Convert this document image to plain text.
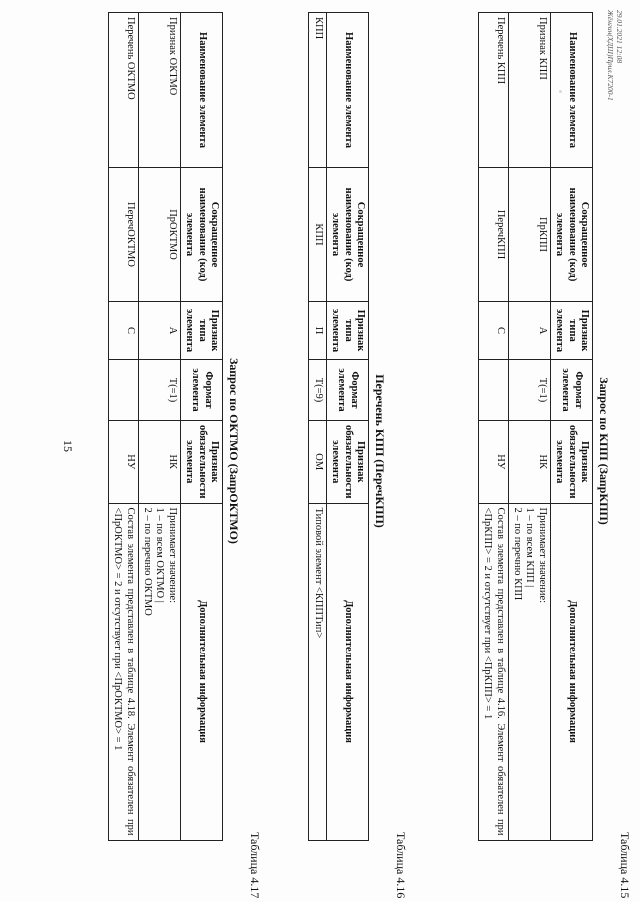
15
Таблица 4.15
Запрос по КПП (ЗапрКПП)
Наименование элемента	Сокращенное наименование (код) элемента	Признак типа элемента	Формат элемента	Признак обязательности элемента	Дополнительная информация
Признак КПП	ПрКПП	А	Т(=1)	НК	Принимает значение:
1 – по всем КПП |
2 – по перечню КПП
Перечень КПП	ПеречКПП	С		НУ	Состав элемента представлен в таблице 4.16. Элемент обязателен при <ПрКПП> = 2 и отсутствует при <ПрКПП> = 1
Таблица 4.16
Перечень КПП (ПеречКПП)
Наименование элемента	Сокращенное наименование (код) элемента	Признак типа элемента	Формат элемента	Признак обязательности элемента	Дополнительная информация
КПП	КПП	П	Т(=9)	ОМ	Типовой элемент <КППТип>
Таблица 4.17
Запрос по ОКТМО (ЗапрОКТМО)
Наименование элемента	Сокращенное наименование (код) элемента	Признак типа элемента	Формат элемента	Признак обязательности элемента	Дополнительная информация
Признак ОКТМО	ПрОКТМО	А	Т(=1)	НК	Принимает значение:
1 – по всем ОКТМО |
2 – по перечню ОКТМО
Перечень ОКТМО	ПеречОКТМО	С		НУ	Состав элемента представлен в таблице 4.18. Элемент обязателен при <ПрОКТМО> = 2 и отсутствует при <ПрОКТМО> = 1
29.01.2021 12:08
Жёнгин(ХДШ)Прил.К7200-1
